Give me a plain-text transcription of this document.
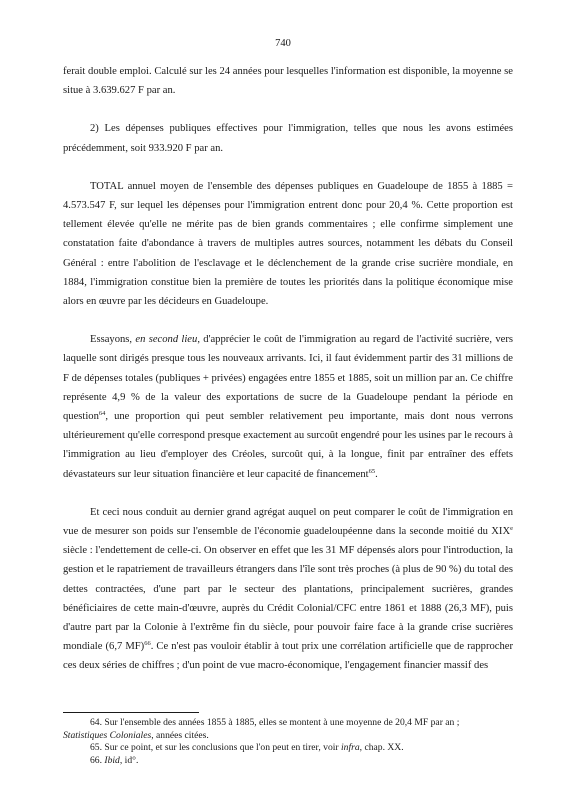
740

ferait double emploi. Calculé sur les 24 années pour lesquelles l'information est disponible, la moyenne se situe à 3.639.627 F par an.

2) Les dépenses publiques effectives pour l'immigration, telles que nous les avons estimées précédemment, soit 933.920 F par an.

TOTAL annuel moyen de l'ensemble des dépenses publiques en Guadeloupe de 1855 à 1885 = 4.573.547 F, sur lequel les dépenses pour l'immigration entrent donc pour 20,4 %. Cette proportion est tellement élevée qu'elle ne mérite pas de bien grands commentaires ; elle confirme simplement une constatation faite d'abondance à travers de multiples autres sources, notamment les débats du Conseil Général : entre l'abolition de l'esclavage et le déclenchement de la grande crise sucrière mondiale, en 1884, l'immigration constitue bien la première de toutes les priorités dans la politique économique mise alors en œuvre par les décideurs en Guadeloupe.

Essayons, en second lieu, d'apprécier le coût de l'immigration au regard de l'activité sucrière, vers laquelle sont dirigés presque tous les nouveaux arrivants. Ici, il faut évidemment partir des 31 millions de F de dépenses totales (publiques + privées) engagées entre 1855 et 1885, soit un million par an. Ce chiffre représente 4,9 % de la valeur des exportations de sucre de la Guadeloupe pendant la période en question$^{64}$, une proportion qui peut sembler relativement peu importante, mais dont nous verrons ultérieurement qu'elle correspond presque exactement au surcoût engendré pour les usines par le recours à l'immigration au lieu d'employer des Créoles, surcoût qui, à la longue, finit par entraîner des effets dévastateurs sur leur situation financière et leur capacité de financement$^{65}$.

Et ceci nous conduit au dernier grand agrégat auquel on peut comparer le coût de l'immigration en vue de mesurer son poids sur l'ensemble de l'économie guadeloupéenne dans la seconde moitié du XIXe siècle : l'endettement de celle-ci. On observer en effet que les 31 MF dépensés alors pour l'introduction, la gestion et le rapatriement de travailleurs étrangers dans l'île sont très proches (à plus de 90 %) du total des dettes contractées, d'une part par le secteur des plantations, principalement sucrières, grandes bénéficiaires de cette main-d'œuvre, auprès du Crédit Colonial/CFC entre 1861 et 1888 (26,3 MF), puis d'autre part par la Colonie à l'extrême fin du siècle, pour pouvoir faire face à la grande crise sucrières mondiale (6,7 MF)$^{66}$. Ce n'est pas vouloir établir à tout prix une corrélation artificielle que de rapprocher ces deux séries de chiffres ; d'un point de vue macro-économique, l'engagement financier massif des

64. Sur l'ensemble des années 1855 à 1885, elles se montent à une moyenne de 20,4 MF par an ;

Statistiques Coloniales, années citées.

65. Sur ce point, et sur les conclusions que l'on peut en tirer, voir infra, chap. XX.

66. Ibid, id°.
